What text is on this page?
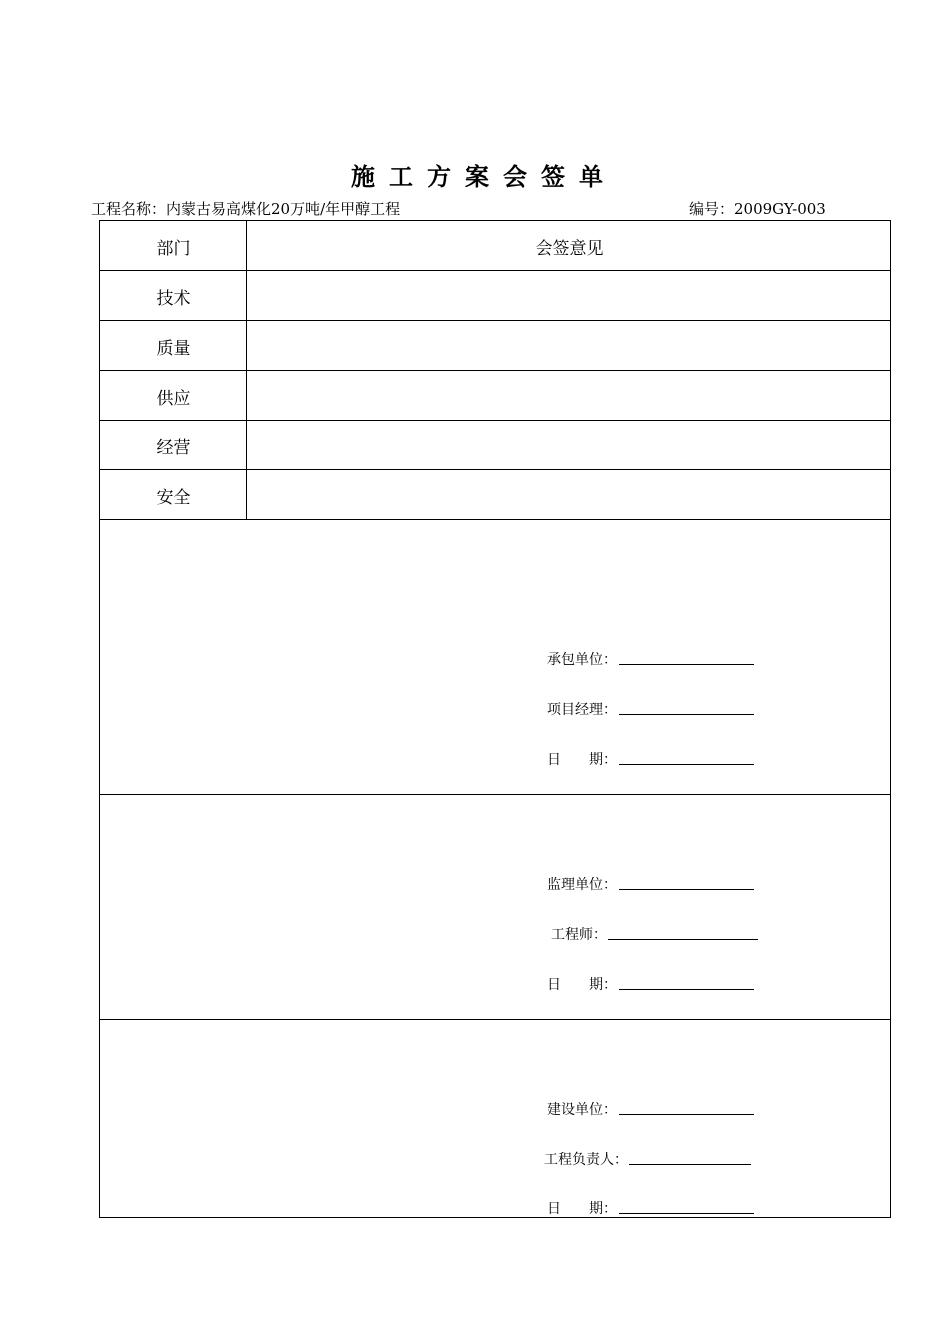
施工方案会签单
工程名称：内蒙古易高煤化20万吨/年甲醇工程	编号：2009GY-003
部门	会签意见
技术
质量
供应
经营
安全
承包单位：
项目经理：
日　　期：
监理单位：
工程师：
日　　期：
建设单位：
工程负责人：
日　　期：
